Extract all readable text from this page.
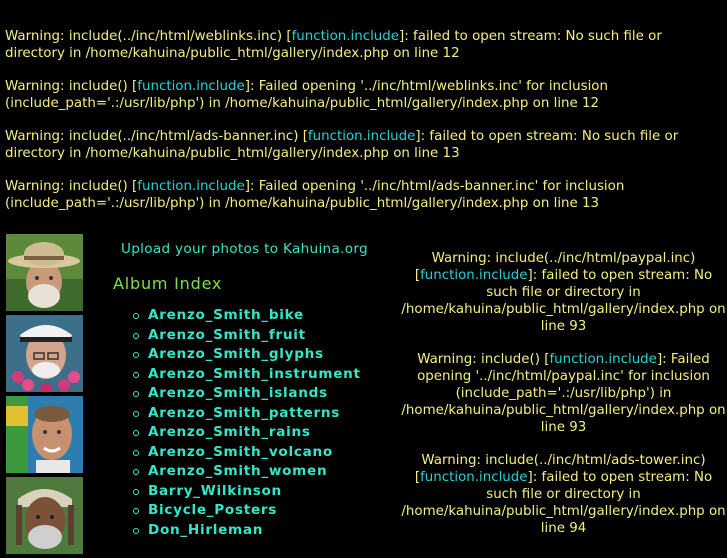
Warning: include(../inc/html/weblinks.inc) [function.include]: failed to open stream: No such file or directory in /home/kahuina/public_html/gallery/index.php on line 12

Warning: include() [function.include]: Failed opening '../inc/html/weblinks.inc' for inclusion (include_path='.:/usr/lib/php') in /home/kahuina/public_html/gallery/index.php on line 12

Warning: include(../inc/html/ads-banner.inc) [function.include]: failed to open stream: No such file or directory in /home/kahuina/public_html/gallery/index.php on line 13

Warning: include() [function.include]: Failed opening '../inc/html/ads-banner.inc' for inclusion (include_path='.:/usr/lib/php') in /home/kahuina/public_html/gallery/index.php on line 13

Upload your photos to Kahuina.org
Album Index
Arenzo_Smith_bike
Arenzo_Smith_fruit
Arenzo_Smith_glyphs
Arenzo_Smith_instrument
Arenzo_Smith_islands
Arenzo_Smith_patterns
Arenzo_Smith_rains
Arenzo_Smith_volcano
Arenzo_Smith_women
Barry_Wilkinson
Bicycle_Posters
Don_Hirleman

Warning: include(../inc/html/paypal.inc) [function.include]: failed to open stream: No such file or directory in /home/kahuina/public_html/gallery/index.php on line 93

Warning: include() [function.include]: Failed opening '../inc/html/paypal.inc' for inclusion (include_path='.:/usr/lib/php') in /home/kahuina/public_html/gallery/index.php on line 93

Warning: include(../inc/html/ads-tower.inc) [function.include]: failed to open stream: No such file or directory in /home/kahuina/public_html/gallery/index.php on line 94
